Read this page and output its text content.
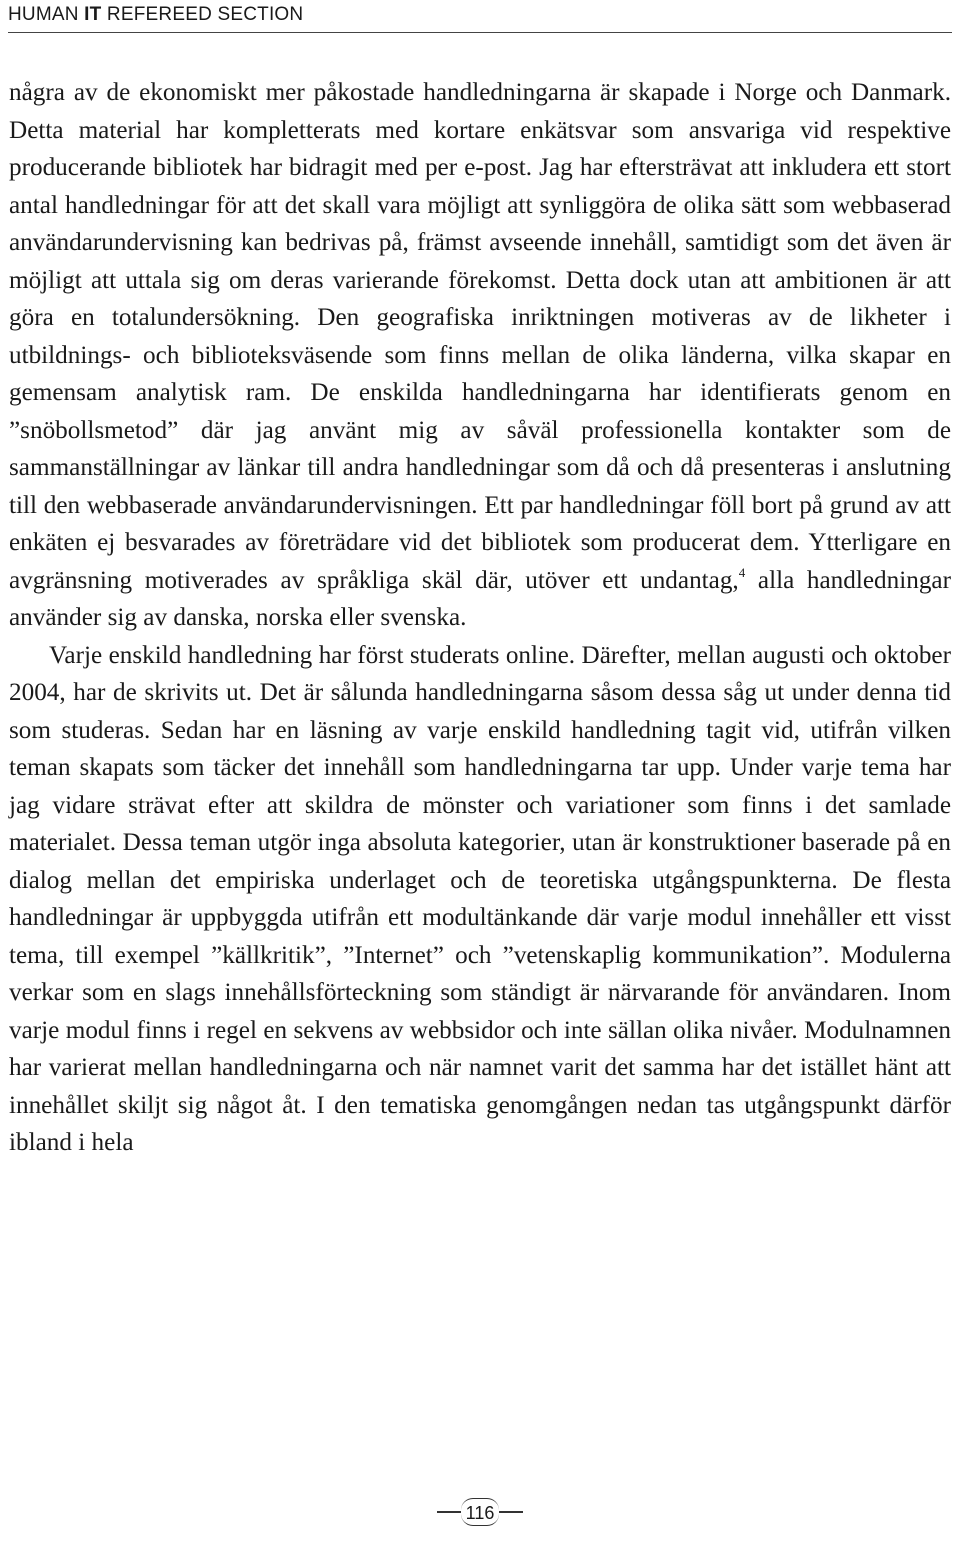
HUMAN IT REFEREED SECTION

några av de ekonomiskt mer påkostade handledningarna är skapade i Norge och Danmark. Detta material har kompletterats med kortare enkätsvar som ansvariga vid respektive producerande bibliotek har bidragit med per e-post. Jag har eftersträvat att inkludera ett stort antal handledningar för att det skall vara möjligt att synliggöra de olika sätt som webbaserad användarundervisning kan bedrivas på, främst avseende innehåll, samtidigt som det även är möjligt att uttala sig om deras varierande förekomst. Detta dock utan att ambitionen är att göra en totalundersökning. Den geografiska inriktningen motiveras av de likheter i utbildnings- och biblioteksväsende som finns mellan de olika länderna, vilka skapar en gemensam analytisk ram. De enskilda handledningarna har identifierats genom en ”snöbollsmetod” där jag använt mig av såväl professionella kontakter som de sammanställningar av länkar till andra handledningar som då och då presenteras i anslutning till den webbaserade användarundervisningen. Ett par handledningar föll bort på grund av att enkäten ej besvarades av företrädare vid det bibliotek som producerat dem. Ytterligare en avgränsning motiverades av språkliga skäl där, utöver ett undantag,$^4$ alla handledningar använder sig av danska, norska eller svenska.

Varje enskild handledning har först studerats online. Därefter, mellan augusti och oktober 2004, har de skrivits ut. Det är sålunda handledningarna såsom dessa såg ut under denna tid som studeras. Sedan har en läsning av varje enskild handledning tagit vid, utifrån vilken teman skapats som täcker det innehåll som handledningarna tar upp. Under varje tema har jag vidare strävat efter att skildra de mönster och variationer som finns i det samlade materialet. Dessa teman utgör inga absoluta kategorier, utan är konstruktioner baserade på en dialog mellan det empiriska underlaget och de teoretiska utgångspunkterna. De flesta handledningar är uppbyggda utifrån ett modultänkande där varje modul innehåller ett visst tema, till exempel ”källkritik”, ”Internet” och ”vetenskaplig kommunikation”. Modulerna verkar som en slags innehållsförteckning som ständigt är närvarande för användaren. Inom varje modul finns i regel en sekvens av webbsidor och inte sällan olika nivåer. Modulnamnen har varierat mellan handledningarna och när namnet varit det samma har det istället hänt att innehållet skiljt sig något åt. I den tematiska genomgången nedan tas utgångspunkt därför ibland i hela

116
